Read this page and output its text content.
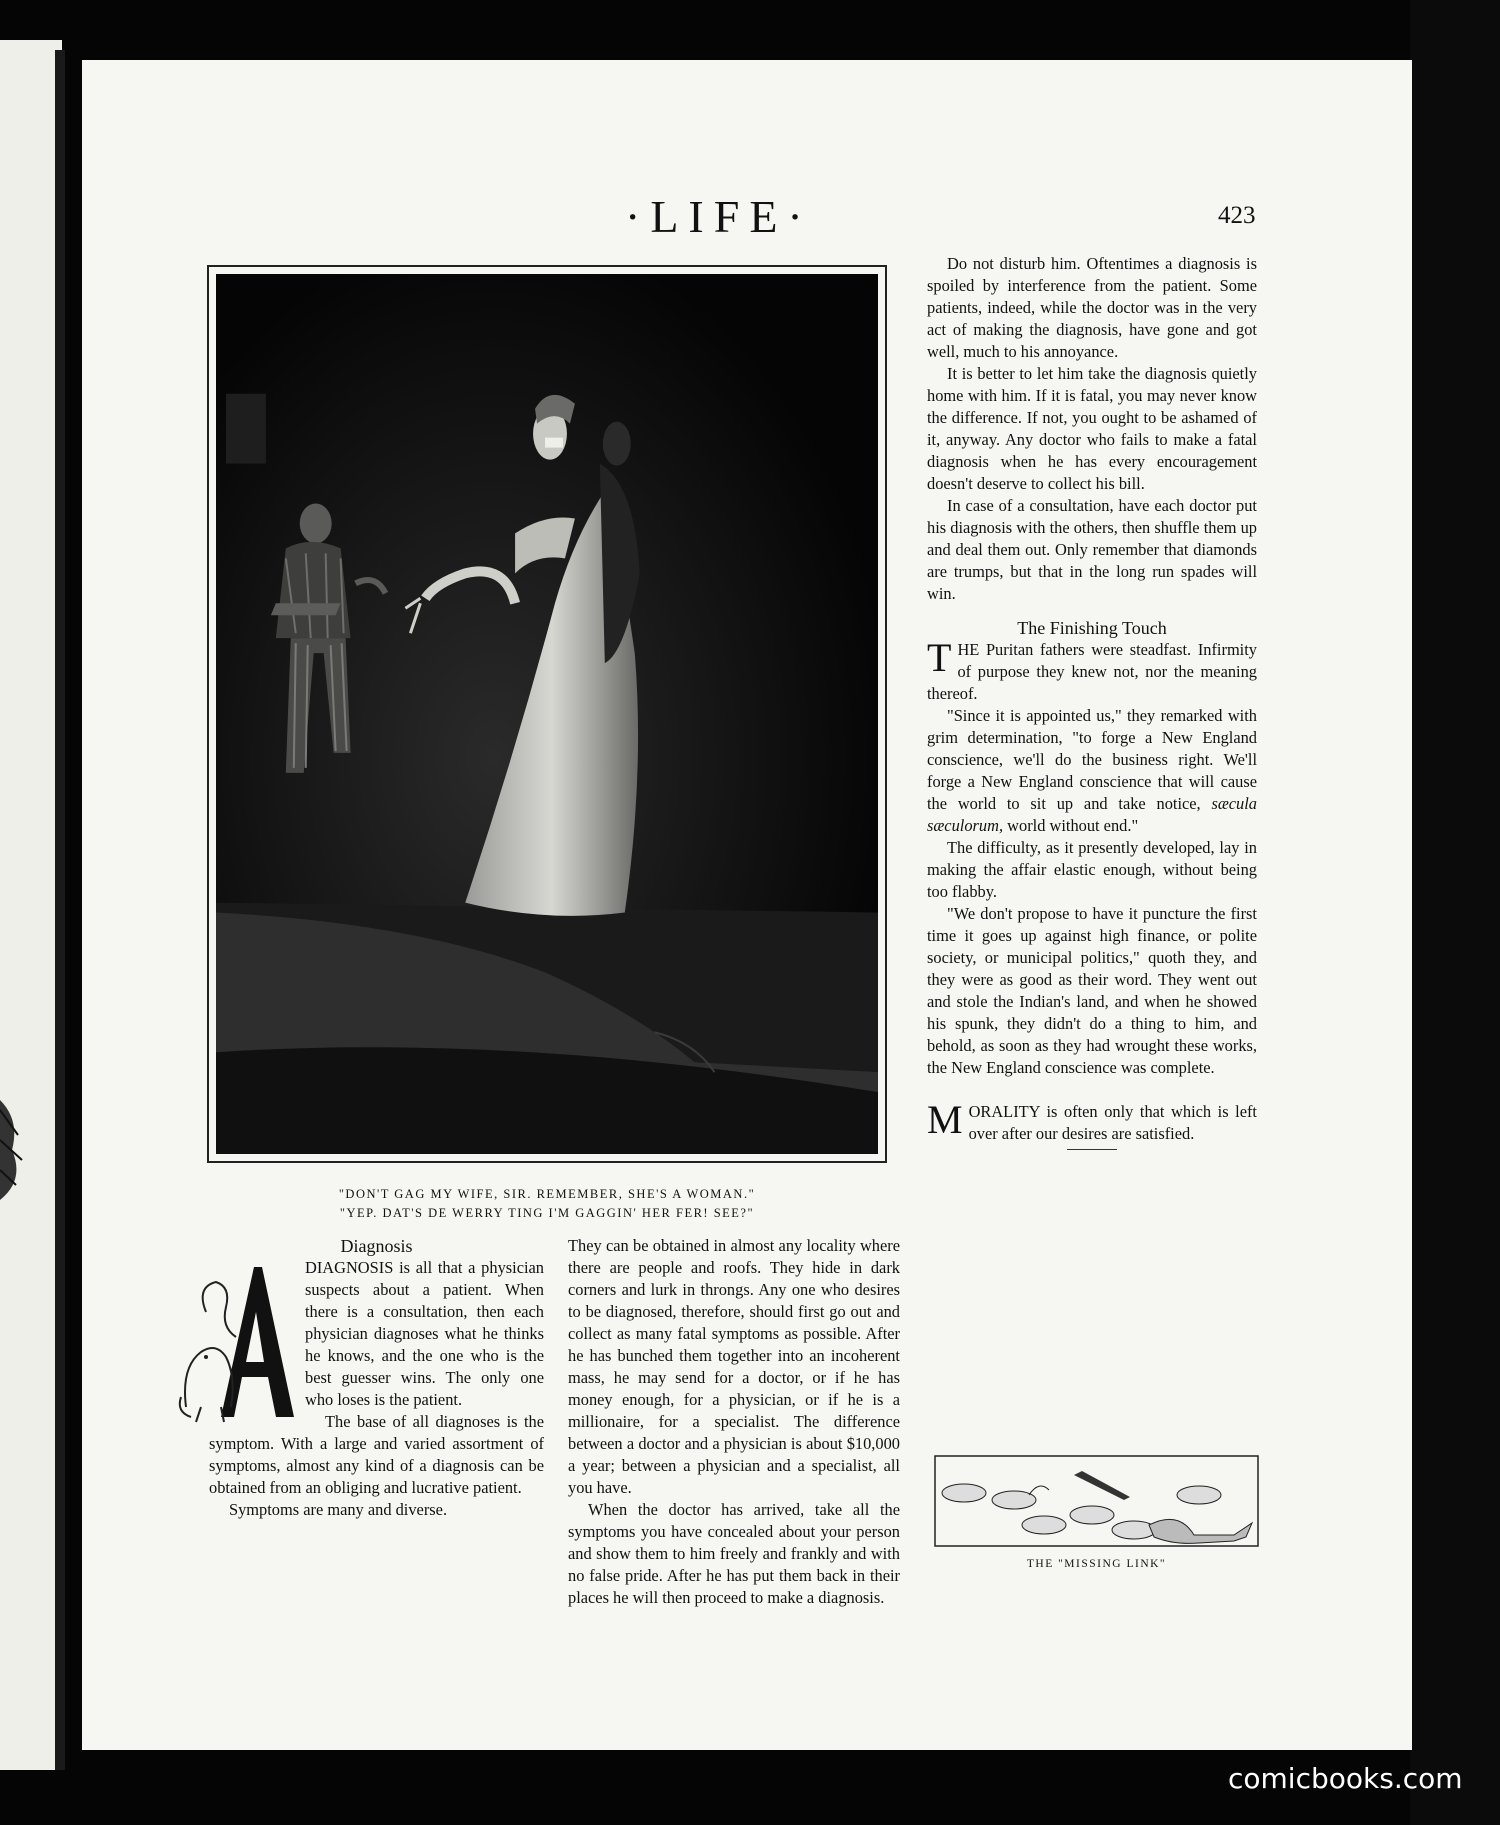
·LIFE·	423
"DON'T GAG MY WIFE, SIR. REMEMBER, SHE'S A WOMAN."
"YEP. DAT'S DE WERRY TING I'M GAGGIN' HER FER! SEE?"

Diagnosis

DIAGNOSIS is all that a physician suspects about a patient. When there is a consultation, then each physician diagnoses what he thinks he knows, and the one who is the best guesser wins. The only one who loses is the patient.

The base of all diagnoses is the symptom. With a large and varied assortment of symptoms, almost any kind of a diagnosis can be obtained from an obliging and lucrative patient.

Symptoms are many and diverse.

They can be obtained in almost any locality where there are people and roofs. They hide in dark corners and lurk in throngs. Any one who desires to be diagnosed, therefore, should first go out and collect as many fatal symptoms as possible. After he has bunched them together into an incoherent mass, he may send for a doctor, or if he has money enough, for a physician, or if he is a millionaire, for a specialist. The difference between a doctor and a physician is about $10,000 a year; between a physician and a specialist, all you have.

When the doctor has arrived, take all the symptoms you have concealed about your person and show them to him freely and frankly and with no false pride. After he has put them back in their places he will then proceed to make a diagnosis.

Do not disturb him. Oftentimes a diagnosis is spoiled by interference from the patient. Some patients, indeed, while the doctor was in the very act of making the diagnosis, have gone and got well, much to his annoyance.

It is better to let him take the diagnosis quietly home with him. If it is fatal, you may never know the difference. If not, you ought to be ashamed of it, anyway. Any doctor who fails to make a fatal diagnosis when he has every encouragement doesn't deserve to collect his bill.

In case of a consultation, have each doctor put his diagnosis with the others, then shuffle them up and deal them out. Only remember that diamonds are trumps, but that in the long run spades will win.

The Finishing Touch

THE Puritan fathers were steadfast. Infirmity of purpose they knew not, nor the meaning thereof.

"Since it is appointed us," they remarked with grim determination, "to forge a New England conscience, we'll do the business right. We'll forge a New England conscience that will cause the world to sit up and take notice, sæcula sæculorum, world without end."

The difficulty, as it presently developed, lay in making the affair elastic enough, without being too flabby.

"We don't propose to have it puncture the first time it goes up against high finance, or polite society, or municipal politics," quoth they, and they were as good as their word. They went out and stole the Indian's land, and when he showed his spunk, they didn't do a thing to him, and behold, as soon as they had wrought these works, the New England conscience was complete.

MORALITY is often only that which is left over after our desires are satisfied.

THE "MISSING LINK"
comicbooks.com
